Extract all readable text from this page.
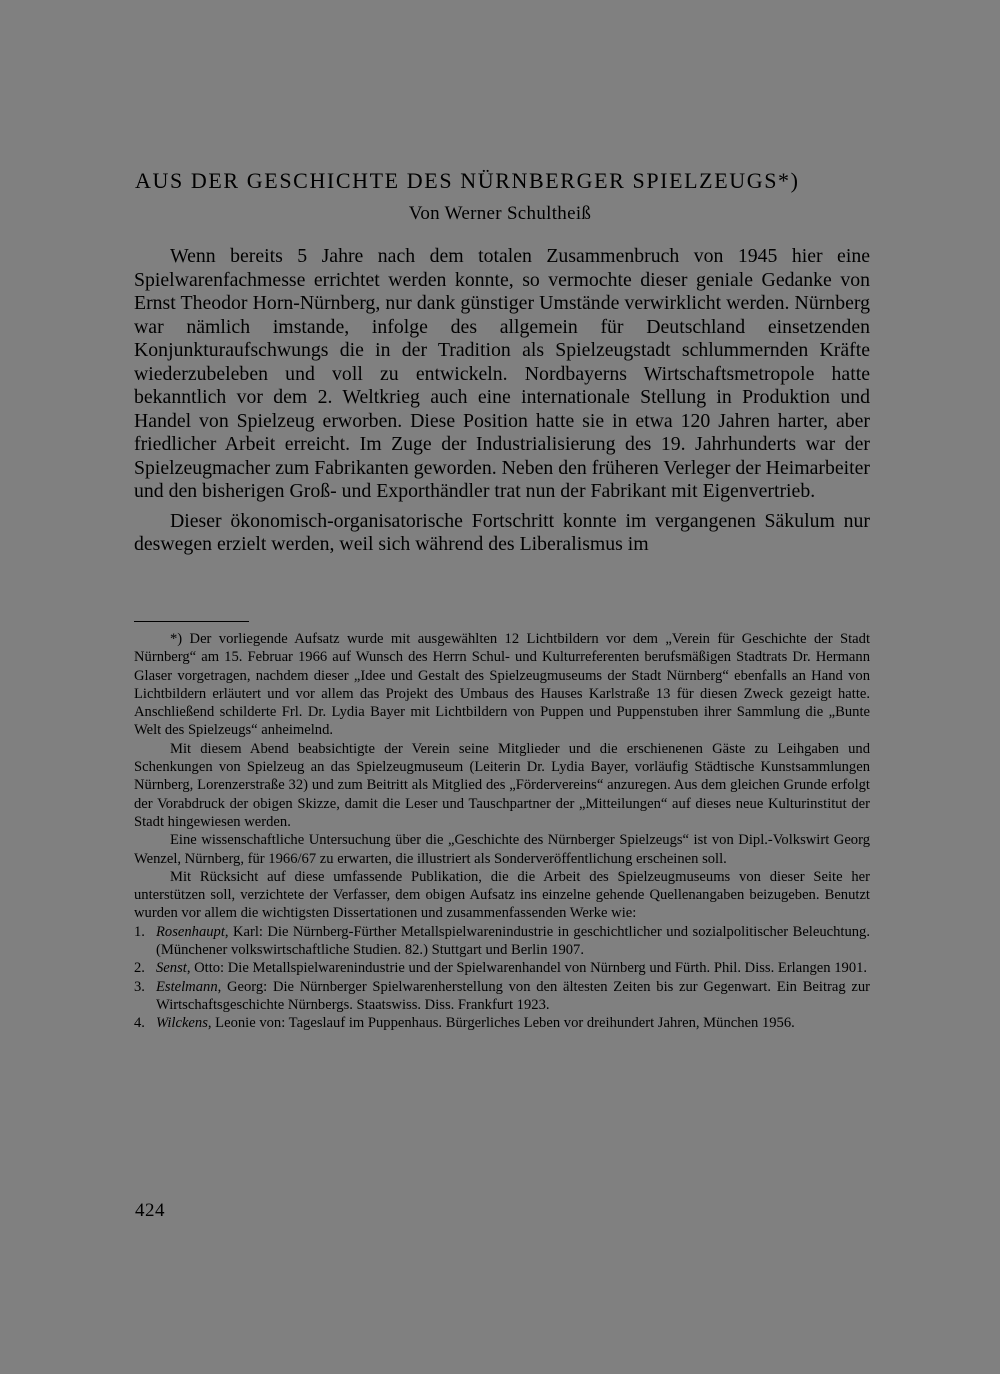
AUS DER GESCHICHTE DES NÜRNBERGER SPIELZEUGS*)
Von Werner Schultheiß

Wenn bereits 5 Jahre nach dem totalen Zusammenbruch von 1945 hier eine Spielwarenfachmesse errichtet werden konnte, so vermochte dieser geniale Gedanke von Ernst Theodor Horn-Nürnberg, nur dank günstiger Umstände verwirklicht werden. Nürnberg war nämlich imstande, infolge des allgemein für Deutschland einsetzenden Konjunkturaufschwungs die in der Tradition als Spielzeugstadt schlummernden Kräfte wiederzubeleben und voll zu entwickeln. Nordbayerns Wirtschaftsmetropole hatte bekanntlich vor dem 2. Weltkrieg auch eine internationale Stellung in Produktion und Handel von Spielzeug erworben. Diese Position hatte sie in etwa 120 Jahren harter, aber friedlicher Arbeit erreicht. Im Zuge der Industrialisierung des 19. Jahrhunderts war der Spielzeugmacher zum Fabrikanten geworden. Neben den früheren Verleger der Heimarbeiter und den bisherigen Groß- und Exporthändler trat nun der Fabrikant mit Eigenvertrieb.

Dieser ökonomisch-organisatorische Fortschritt konnte im vergangenen Säkulum nur deswegen erzielt werden, weil sich während des Liberalismus im

*) Der vorliegende Aufsatz wurde mit ausgewählten 12 Lichtbildern vor dem „Verein für Geschichte der Stadt Nürnberg“ am 15. Februar 1966 auf Wunsch des Herrn Schul- und Kulturreferenten berufsmäßigen Stadtrats Dr. Hermann Glaser vorgetragen, nachdem dieser „Idee und Gestalt des Spielzeugmuseums der Stadt Nürnberg“ ebenfalls an Hand von Lichtbildern erläutert und vor allem das Projekt des Umbaus des Hauses Karlstraße 13 für diesen Zweck gezeigt hatte. Anschließend schilderte Frl. Dr. Lydia Bayer mit Lichtbildern von Puppen und Puppenstuben ihrer Sammlung die „Bunte Welt des Spielzeugs“ anheimelnd.

Mit diesem Abend beabsichtigte der Verein seine Mitglieder und die erschienenen Gäste zu Leihgaben und Schenkungen von Spielzeug an das Spielzeugmuseum (Leiterin Dr. Lydia Bayer, vorläufig Städtische Kunstsammlungen Nürnberg, Lorenzerstraße 32) und zum Beitritt als Mitglied des „Fördervereins“ anzuregen. Aus dem gleichen Grunde erfolgt der Vorabdruck der obigen Skizze, damit die Leser und Tauschpartner der „Mitteilungen“ auf dieses neue Kulturinstitut der Stadt hingewiesen werden.

Eine wissenschaftliche Untersuchung über die „Geschichte des Nürnberger Spielzeugs“ ist von Dipl.-Volkswirt Georg Wenzel, Nürnberg, für 1966/67 zu erwarten, die illustriert als Sonderveröffentlichung erscheinen soll.

Mit Rücksicht auf diese umfassende Publikation, die die Arbeit des Spielzeugmuseums von dieser Seite her unterstützen soll, verzichtete der Verfasser, dem obigen Aufsatz ins einzelne gehende Quellenangaben beizugeben. Benutzt wurden vor allem die wichtigsten Dissertationen und zusammenfassenden Werke wie:

1. Rosenhaupt, Karl: Die Nürnberg-Fürther Metallspielwarenindustrie in geschichtlicher und sozialpolitischer Beleuchtung. (Münchener volkswirtschaftliche Studien. 82.) Stuttgart und Berlin 1907.
2. Senst, Otto: Die Metallspielwarenindustrie und der Spielwarenhandel von Nürnberg und Fürth. Phil. Diss. Erlangen 1901.
3. Estelmann, Georg: Die Nürnberger Spielwarenherstellung von den ältesten Zeiten bis zur Gegenwart. Ein Beitrag zur Wirtschaftsgeschichte Nürnbergs. Staatswiss. Diss. Frankfurt 1923.
4. Wilckens, Leonie von: Tageslauf im Puppenhaus. Bürgerliches Leben vor dreihundert Jahren, München 1956.
424
